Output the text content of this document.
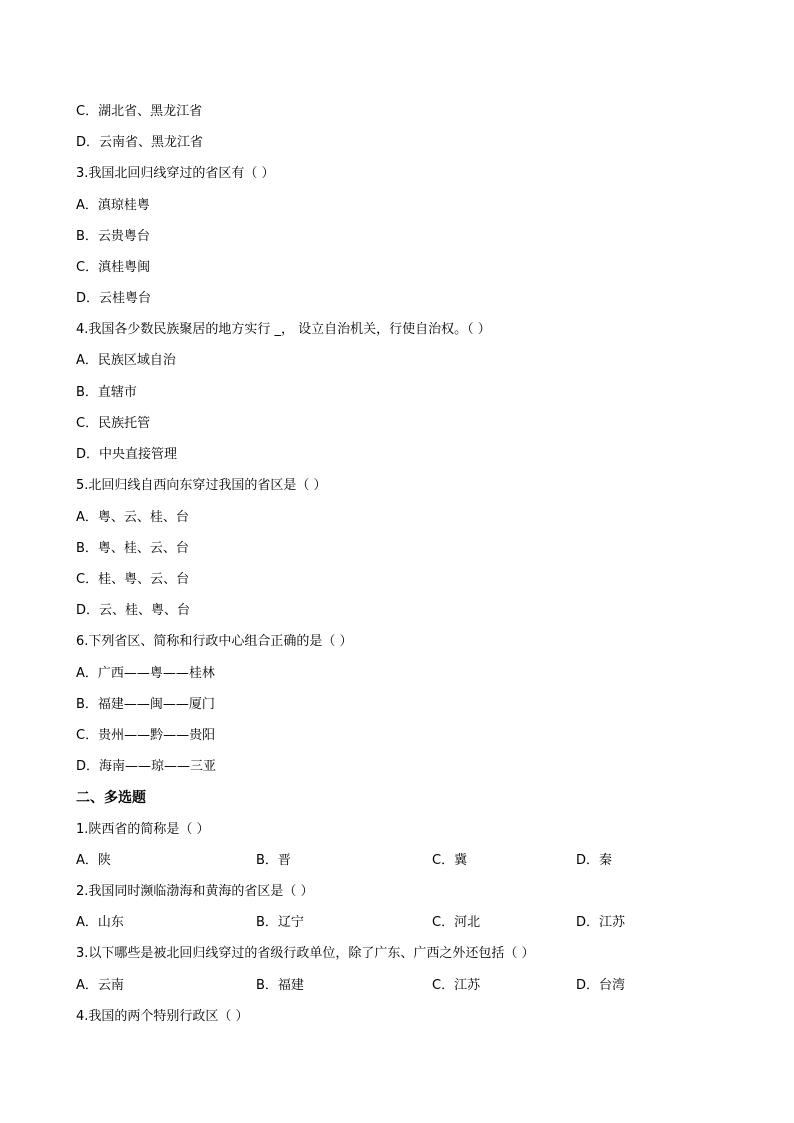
C．湖北省、黑龙江省
D．云南省、黑龙江省
3.我国北回归线穿过的省区有（ ）
A．滇琼桂粤
B．云贵粤台
C．滇桂粤闽
D．云桂粤台
4.我国各少数民族聚居的地方实行 _， 设立自治机关，行使自治权。（ ）
A．民族区域自治
B．直辖市
C．民族托管
D．中央直接管理
5.北回归线自西向东穿过我国的省区是（ ）
A．粤、云、桂、台
B．粤、桂、云、台
C．桂、粤、云、台
D．云、桂、粤、台
6.下列省区、简称和行政中心组合正确的是（ ）
A．广西——粤——桂林
B．福建——闽——厦门
C．贵州——黔——贵阳
D．海南——琼——三亚
二、多选题
1.陕西省的简称是（ ）
A．陕	B．晋	C．冀	D．秦
2.我国同时濒临渤海和黄海的省区是（ ）
A．山东	B．辽宁	C．河北	D．江苏
3.以下哪些是被北回归线穿过的省级行政单位，除了广东、广西之外还包括（ ）
A．云南	B．福建	C．江苏	D．台湾
4.我国的两个特别行政区（ ）
